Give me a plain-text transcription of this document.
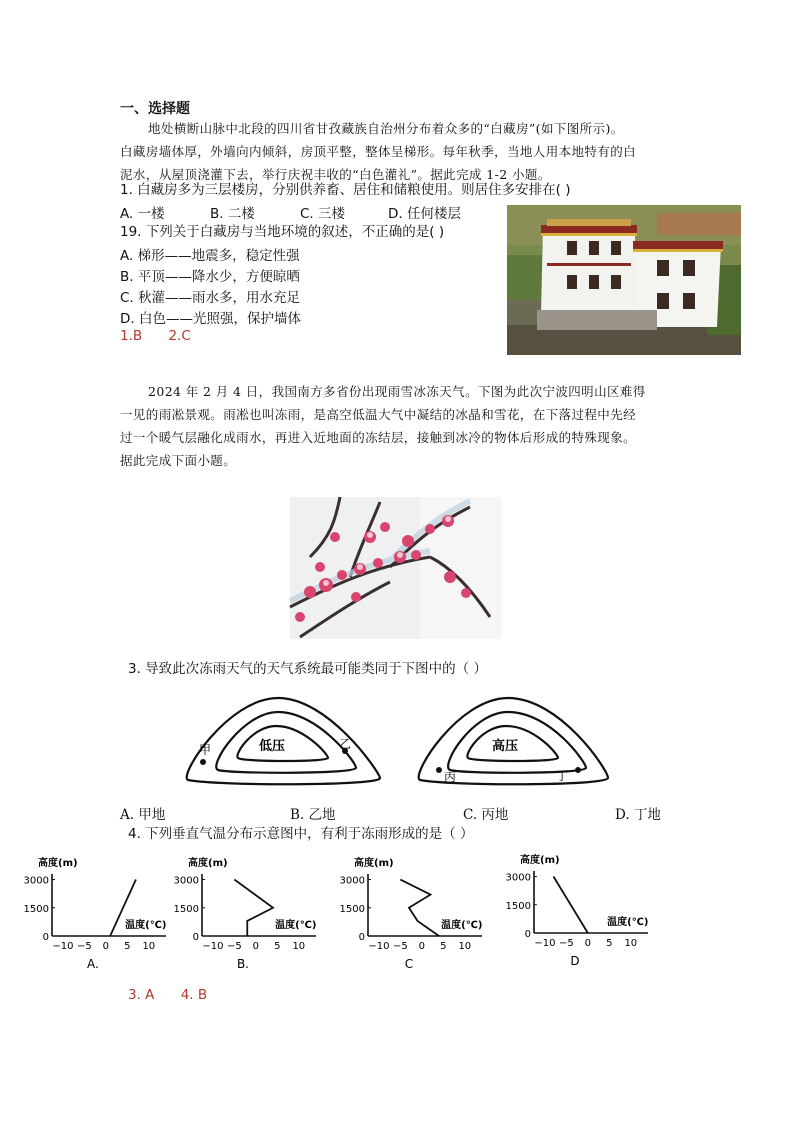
一、选择题
地处横断山脉中北段的四川省甘孜藏族自治州分布着众多的“白藏房”(如下图所示)。
白藏房墙体厚，外墙向内倾斜，房顶平整，整体呈梯形。每年秋季，当地人用本地特有的白
泥水，从屋顶浇灌下去，举行庆祝丰收的“白色灌礼”。据此完成 1-2 小题。
1. 白藏房多为三层楼房，分别供养畜、居住和储粮使用。则居住多安排在( )
A. 一楼	B. 二楼	C. 三楼	D. 任何楼层
19. 下列关于白藏房与当地环境的叙述，不正确的是( )
A. 梯形——地震多，稳定性强
B. 平顶——降水少，方便晾晒
C. 秋灌——雨水多，用水充足
D. 白色——光照强，保护墙体
1.B 2.C
2024 年 2 月 4 日，我国南方多省份出现雨雪冰冻天气。下图为此次宁波四明山区难得
一见的雨凇景观。雨凇也叫冻雨，是高空低温大气中凝结的冰晶和雪花，在下落过程中先经
过一个暖气层融化成雨水，再进入近地面的冻结层，接触到冰冷的物体后形成的特殊现象。
据此完成下面小题。
3. 导致此次冻雨天气的天气系统最可能类同于下图中的（ ）
低压
甲	乙	高压
丙	丁
A. 甲地	B. 乙地	C. 丙地	D. 丁地
4. 下列垂直气温分布示意图中，有利于冻雨形成的是（ ）
高度(m)
3000
1500
0
−10 −5 0 5 10
温度(℃)
A.
高度(m)
3000
1500
0
−10 −5 0 5 10
温度(℃)
B.
高度(m)
3000
1500
0
−10 −5 0 5 10
温度(℃)
C
高度(m)
3000
1500
0
−10 −5 0 5 10
温度(℃)
D
3. A 4. B
